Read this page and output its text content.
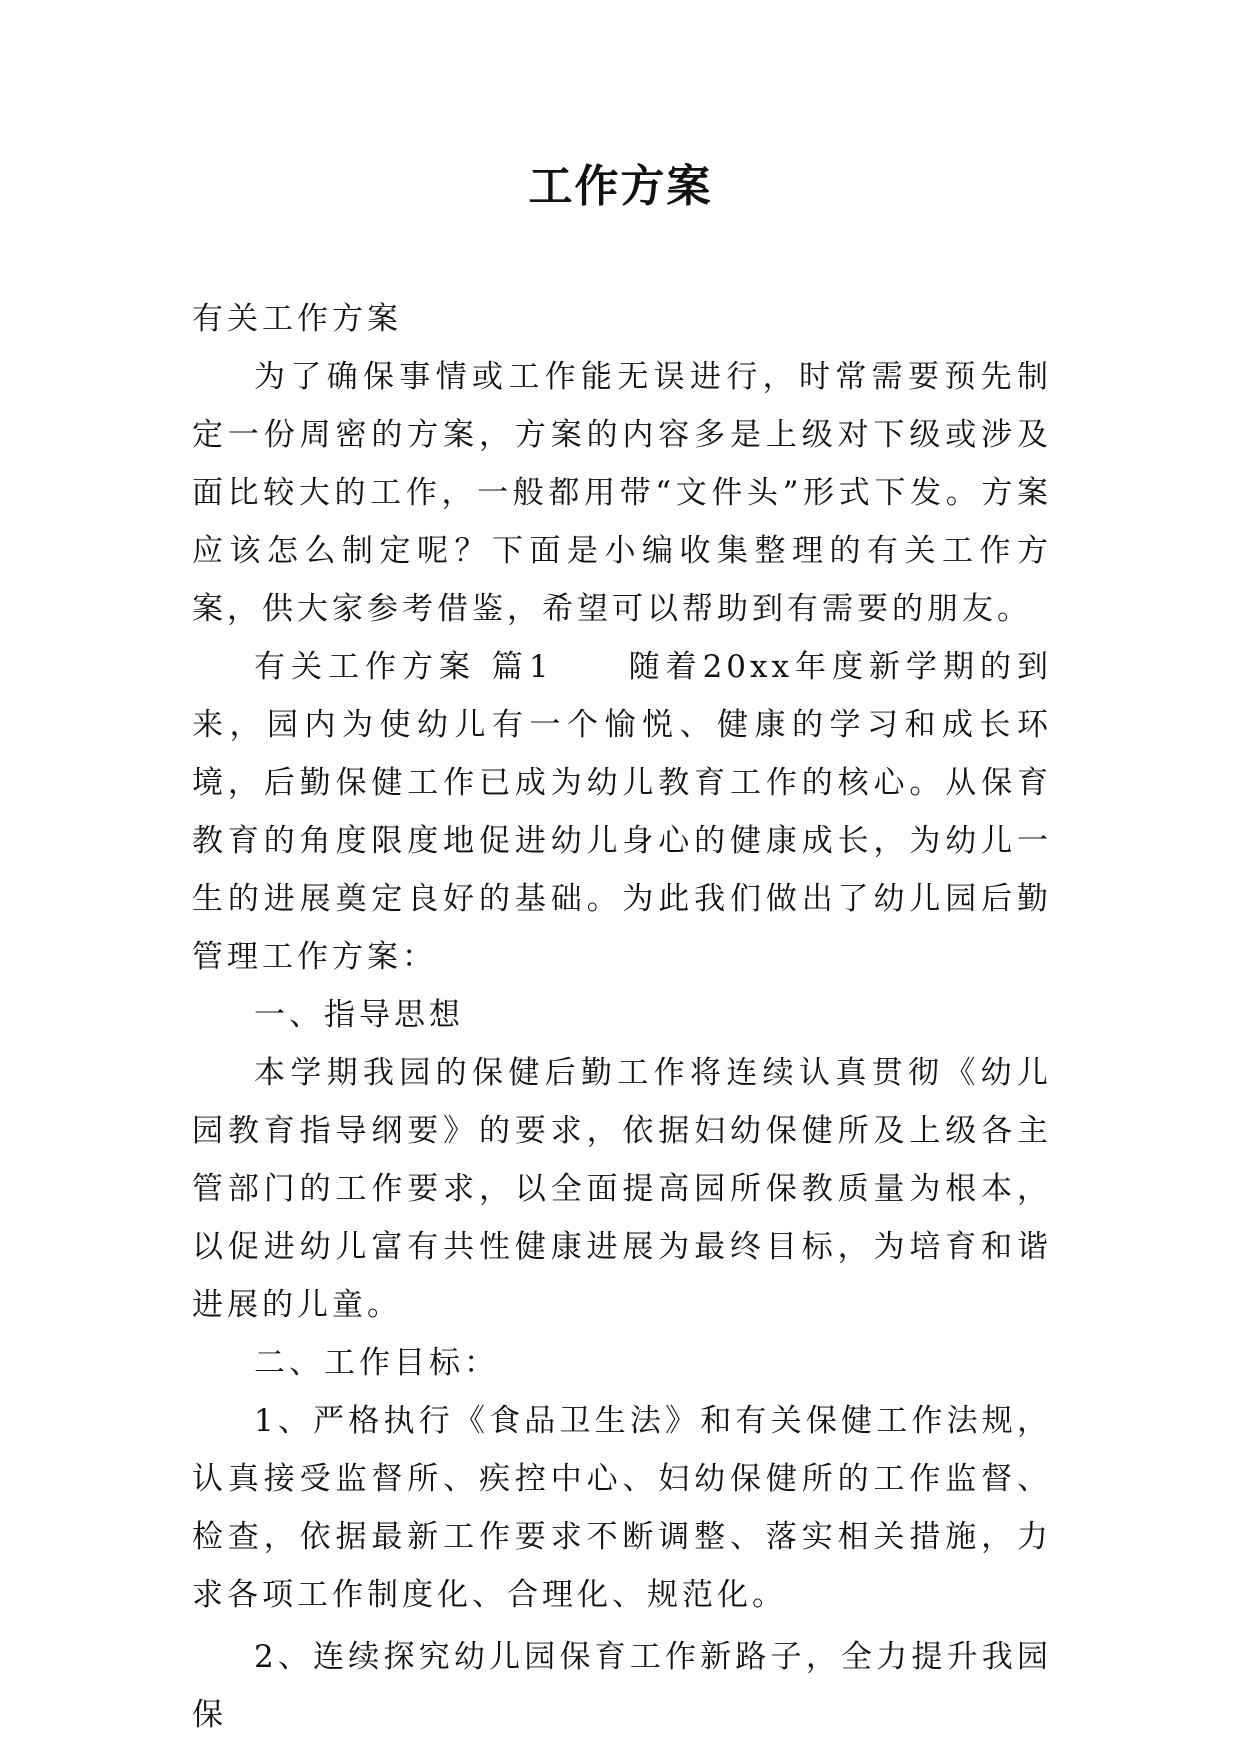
工作方案

有关工作方案

为了确保事情或工作能无误进行，时常需要预先制定一份周密的方案，方案的内容多是上级对下级或涉及面比较大的工作，一般都用带“文件头”形式下发。方案应该怎么制定呢？下面是小编收集整理的有关工作方案，供大家参考借鉴，希望可以帮助到有需要的朋友。

有关工作方案 篇1　　随着20xx年度新学期的到来，园内为使幼儿有一个愉悦、健康的学习和成长环境，后勤保健工作已成为幼儿教育工作的核心。从保育教育的角度限度地促进幼儿身心的健康成长，为幼儿一生的进展奠定良好的基础。为此我们做出了幼儿园后勤管理工作方案：

一、指导思想

本学期我园的保健后勤工作将连续认真贯彻《幼儿园教育指导纲要》的要求，依据妇幼保健所及上级各主管部门的工作要求，以全面提高园所保教质量为根本，以促进幼儿富有共性健康进展为最终目标，为培育和谐进展的儿童。

二、工作目标：

1、严格执行《食品卫生法》和有关保健工作法规，认真接受监督所、疾控中心、妇幼保健所的工作监督、检查，依据最新工作要求不断调整、落实相关措施，力求各项工作制度化、合理化、规范化。

2、连续探究幼儿园保育工作新路子，全力提升我园保
